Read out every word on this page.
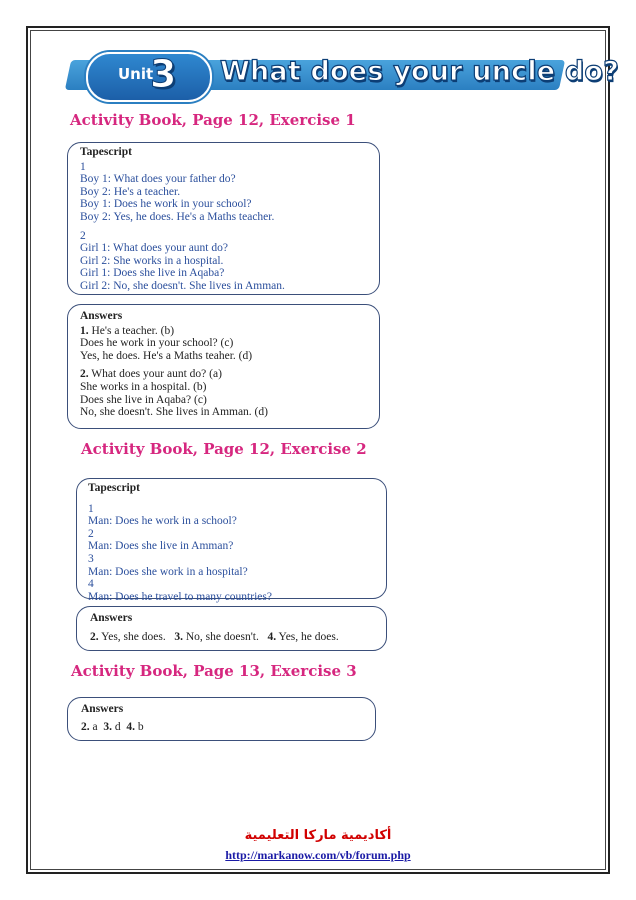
Unit
3 What does your uncle do?
Activity Book, Page 12, Exercise 1
Tapescript
1
Boy 1: What does your father do?
Boy 2: He's a teacher.
Boy 1: Does he work in your school?
Boy 2: Yes, he does. He's a Maths teacher.
2
Girl 1: What does your aunt do?
Girl 2: She works in a hospital.
Girl 1: Does she live in Aqaba?
Girl 2: No, she doesn't. She lives in Amman.
Answers
1. He's a teacher. (b)
Does he work in your school? (c)
Yes, he does. He's a Maths teaher. (d)
2. What does your aunt do? (a)
She works in a hospital. (b)
Does she live in Aqaba? (c)
No, she doesn't. She lives in Amman. (d)
Activity Book, Page 12, Exercise 2
Tapescript
1
Man: Does he work in a school?
2
Man: Does she live in Amman?
3
Man: Does she work in a hospital?
4
Man: Does he travel to many countries?
Answers
2. Yes, she does. 3. No, she doesn't. 4. Yes, he does.
Activity Book, Page 13, Exercise 3
Answers
2. a 3. d 4. b
أكاديمية ماركا التعليمية
http://markanow.com/vb/forum.php
